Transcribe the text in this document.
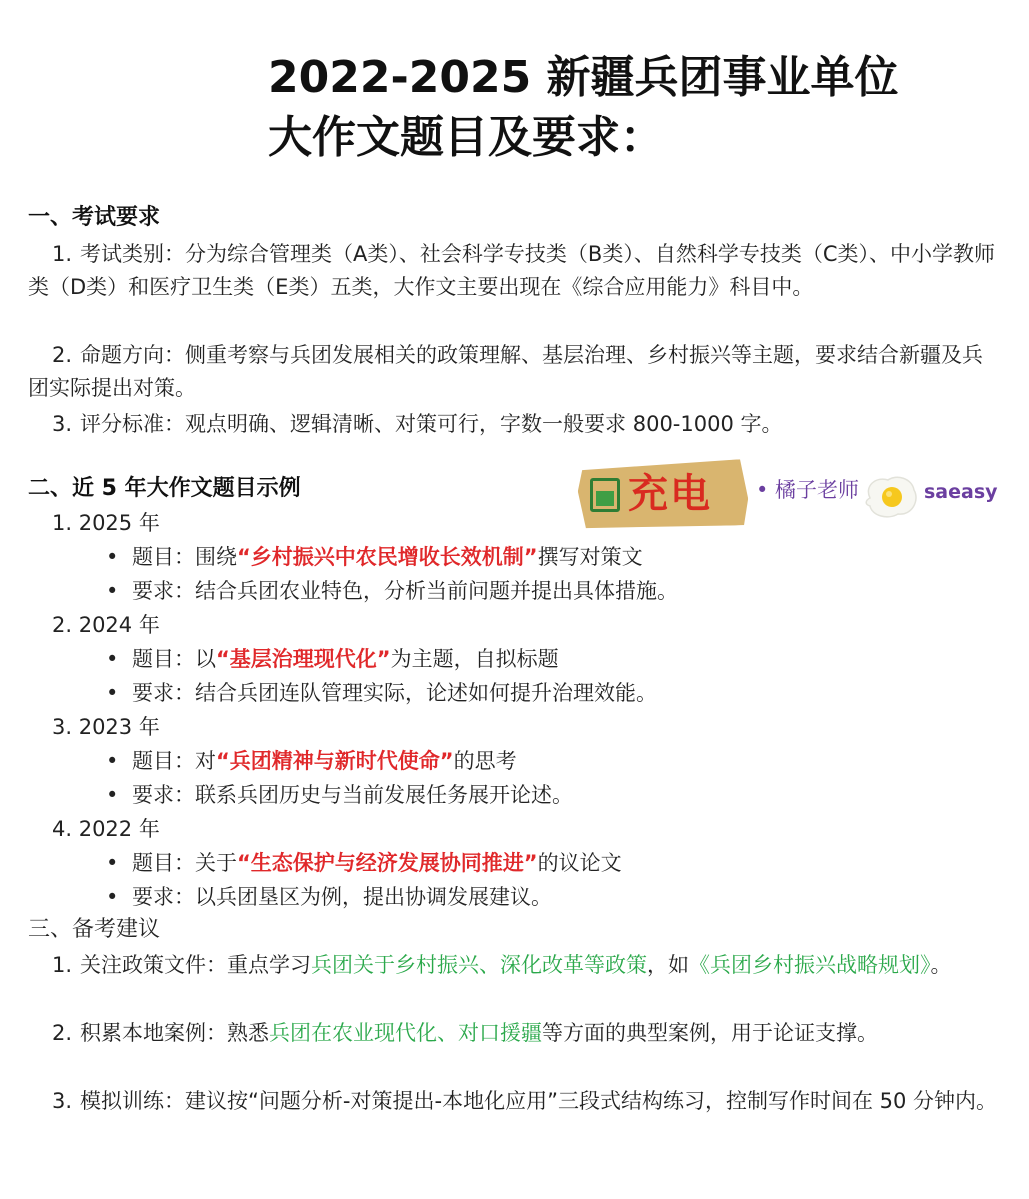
2022-2025 新疆兵团事业单位
大作文题目及要求：
一、考试要求
1. 考试类别：分为综合管理类（A类）、社会科学专技类（B类）、自然科学专技类（C类）、中小学教师类（D类）和医疗卫生类（E类）五类，大作文主要出现在《综合应用能力》科目中。
2. 命题方向：侧重考察与兵团发展相关的政策理解、基层治理、乡村振兴等主题，要求结合新疆及兵团实际提出对策。
3. 评分标准：观点明确、逻辑清晰、对策可行，字数一般要求 800-1000 字。
二、近 5 年大作文题目示例	充电 • 橘子老师	saeasy
1. 2025 年
• 题目：围绕“乡村振兴中农民增收长效机制”撰写对策文
• 要求：结合兵团农业特色，分析当前问题并提出具体措施。
2. 2024 年
• 题目：以“基层治理现代化”为主题，自拟标题
• 要求：结合兵团连队管理实际，论述如何提升治理效能。
3. 2023 年
• 题目：对“兵团精神与新时代使命”的思考
• 要求：联系兵团历史与当前发展任务展开论述。
4. 2022 年
• 题目：关于“生态保护与经济发展协同推进”的议论文
• 要求：以兵团垦区为例，提出协调发展建议。
三、备考建议
1. 关注政策文件：重点学习兵团关于乡村振兴、深化改革等政策，如《兵团乡村振兴战略规划》。
2. 积累本地案例：熟悉兵团在农业现代化、对口援疆等方面的典型案例，用于论证支撑。
3. 模拟训练：建议按“问题分析-对策提出-本地化应用”三段式结构练习，控制写作时间在 50 分钟内。
